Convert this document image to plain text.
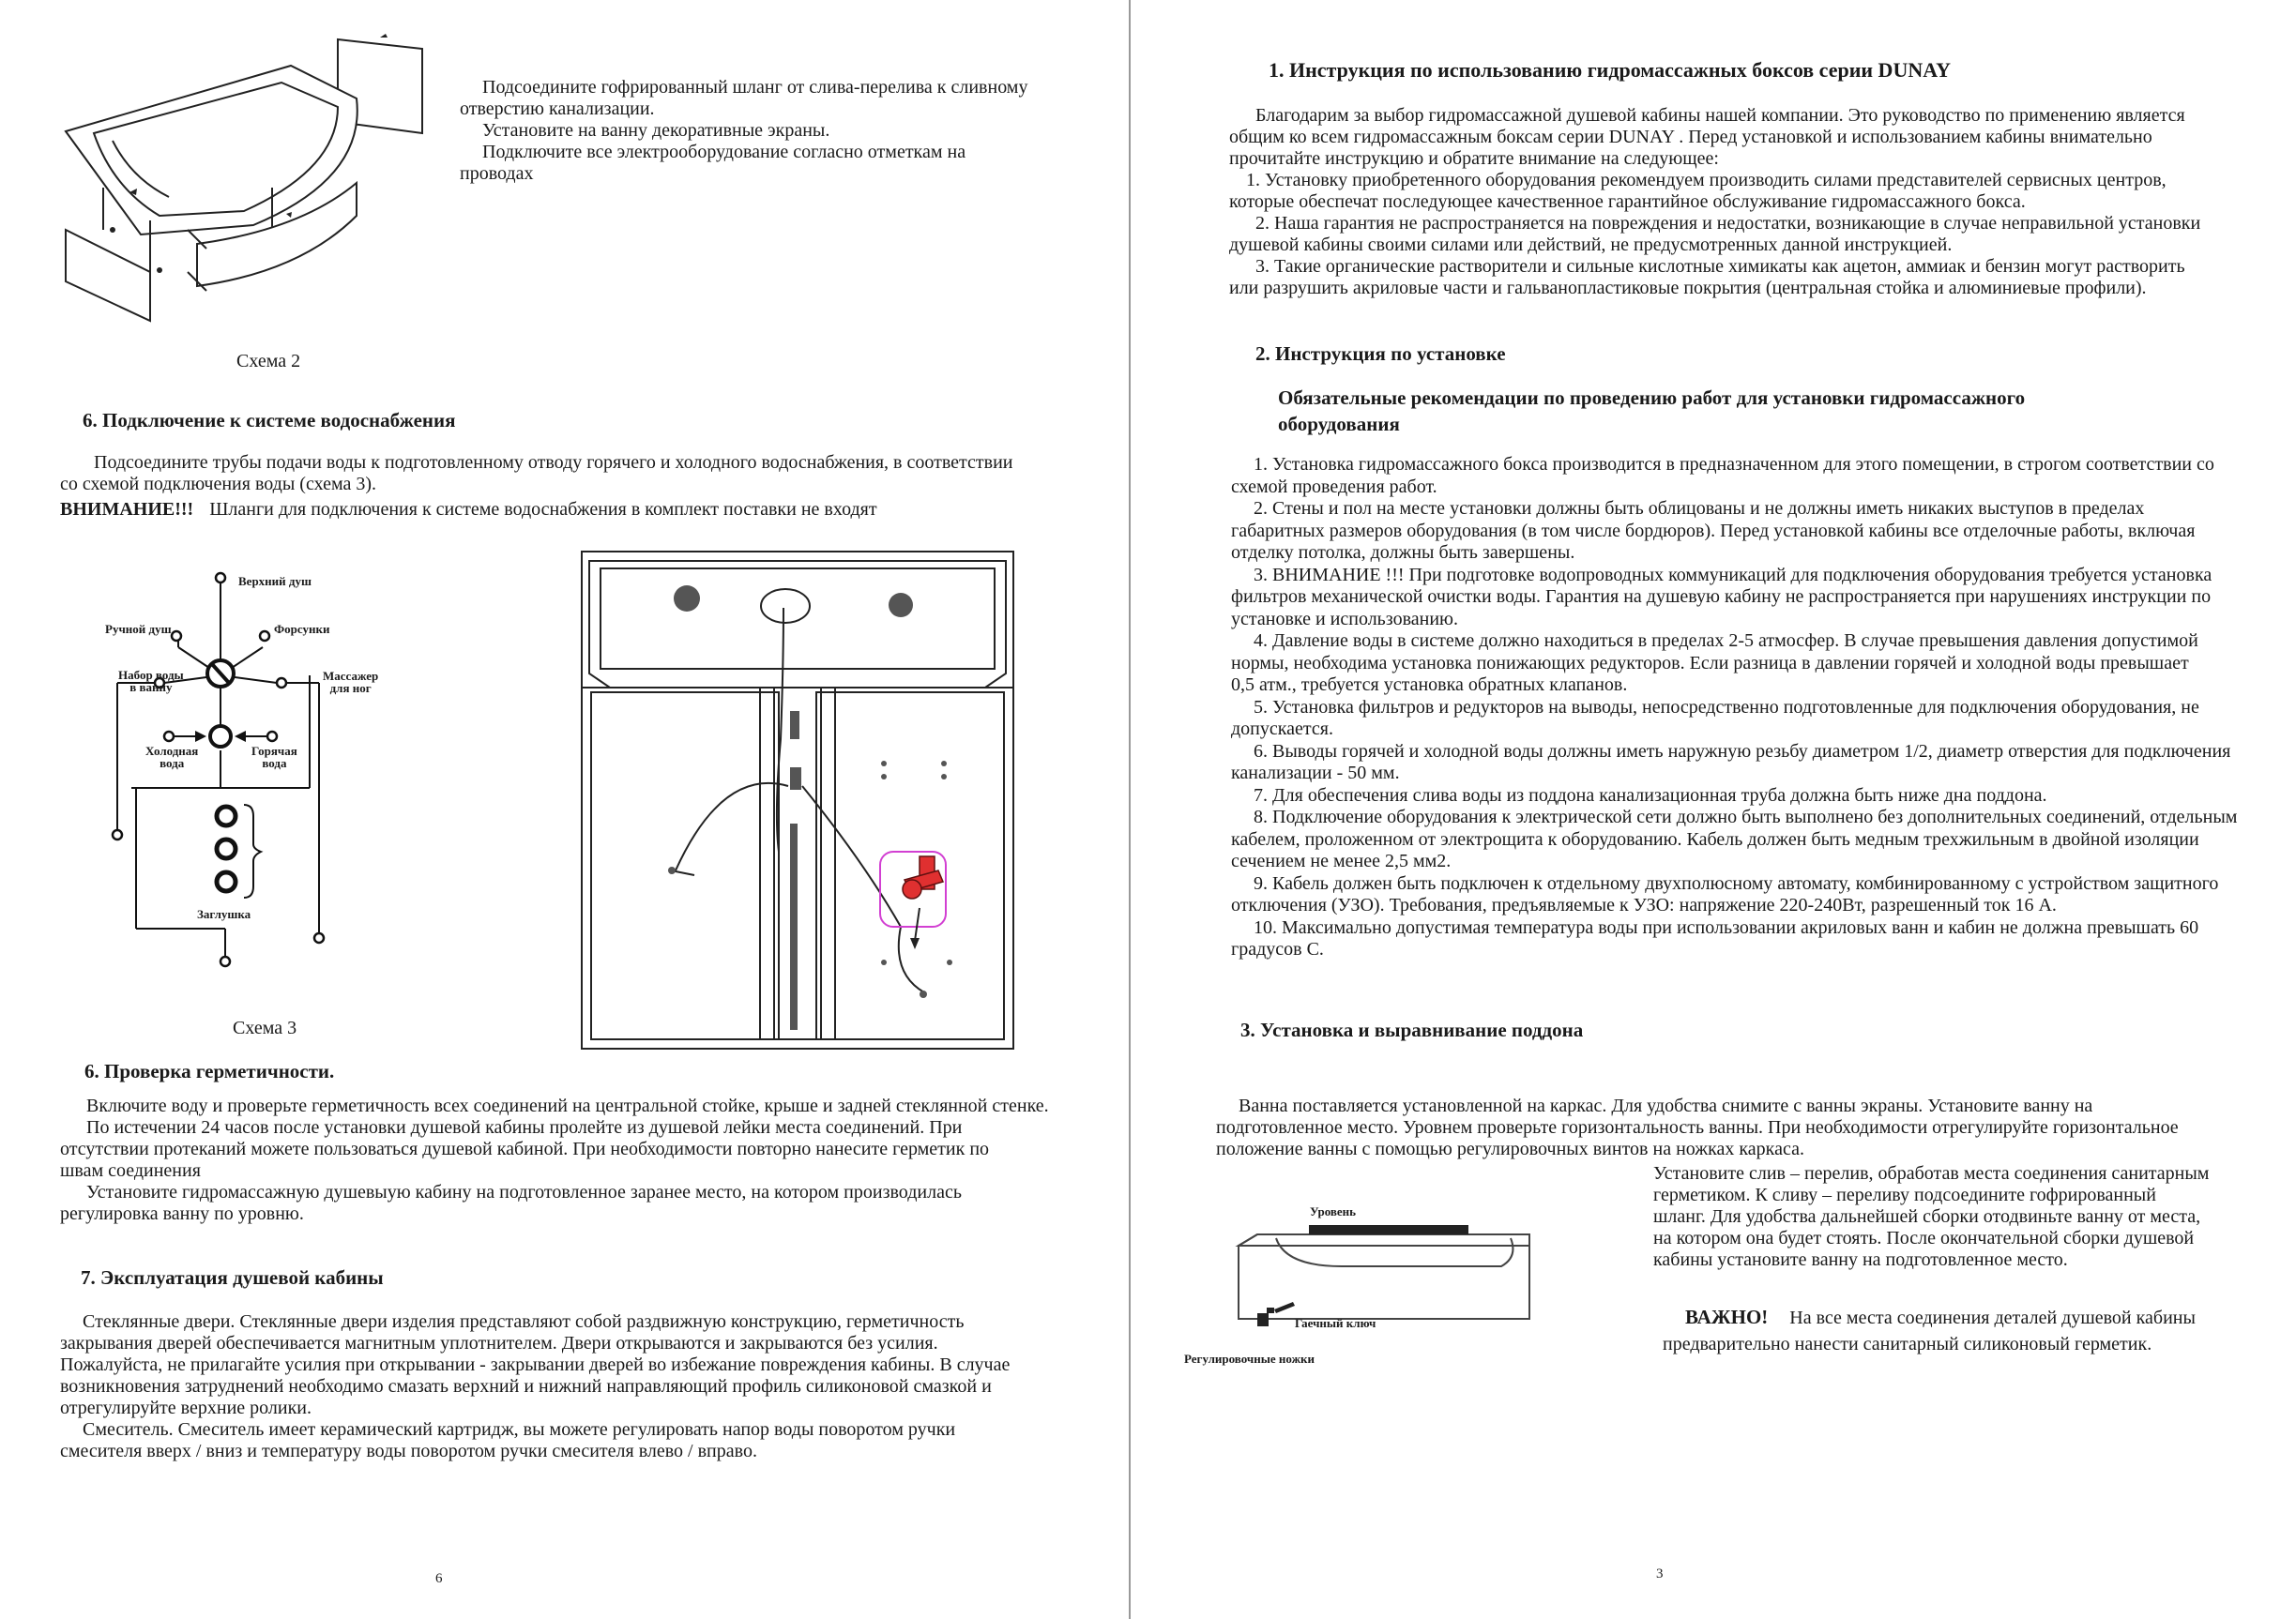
Подсоедините гофрированный шланг от слива-перелива к сливному
отверстию канализации.
Установите на ванну декоративные экраны.
Подключите все электрооборудование согласно отметкам на
проводах
Схема 2
6. Подключение к системе водоснабжения
Подсоедините трубы подачи воды к подготовленному отводу горячего и холодного водоснабжения, в соответствии
со схемой подключения воды (схема 3).
ВНИМАНИЕ!!! Шланги для подключения к системе водоснабжения в комплект поставки не входят
Верхний душ
Ручной душ	Форсунки
Набор воды
в ванну
Массажер
для ног
Холодная
вода
Горячая
вода
Заглушка
Схема 3
6. Проверка герметичности.
Включите воду и проверьте герметичность всех соединений на центральной стойке, крыше и задней стеклянной стенке.
По истечении 24 часов после установки душевой кабины пролейте из душевой лейки места соединений. При
отсутствии протеканий можете пользоваться душевой кабиной. При необходимости повторно нанесите герметик по
швам соединения
Установите гидромассажную душевыую кабину на подготовленное заранее место, на котором производилась
регулировка ванну по уровню.
7. Эксплуатация душевой кабины
Стеклянные двери. Стеклянные двери изделия представляют собой раздвижную конструкцию, герметичность
закрывания дверей обеспечивается магнитным уплотнителем. Двери открываются и закрываются без усилия.
Пожалуйста, не прилагайте усилия при открывании - закрывании дверей во избежание повреждения кабины. В случае
возникновения затруднений необходимо смазать верхний и нижний направляющий профиль силиконовой смазкой и
отрегулируйте верхние ролики.
Смеситель. Смеситель имеет керамический картридж, вы можете регулировать напор воды поворотом ручки
смесителя вверх / вниз и температуру воды поворотом ручки смесителя влево / вправо.
6
1. Инструкция по использованию гидромассажных боксов серии DUNAY
Благодарим за выбор гидромассажной душевой кабины нашей компании. Это руководство по применению является
общим ко всем гидромассажным боксам серии DUNAY . Перед установкой и использованием кабины внимательно
прочитайте инструкцию и обратите внимание на следующее:
1. Установку приобретенного оборудования рекомендуем производить силами представителей сервисных центров,
которые обеспечат последующее качественное гарантийное обслуживание гидромассажного бокса.
2. Наша гарантия не распространяется на повреждения и недостатки, возникающие в случае неправильной установки
душевой кабины своими силами или действий, не предусмотренных данной инструкцией.
3. Такие органические растворители и сильные кислотные химикаты как ацетон, аммиак и бензин могут растворить
или разрушить акриловые части и гальванопластиковые покрытия (центральная стойка и алюминиевые профили).
2. Инструкция по установке
Обязательные рекомендации по проведению работ для установки гидромассажного
оборудования
1. Установка гидромассажного бокса производится в предназначенном для этого помещении, в строгом соответствии со
схемой проведения работ.
2. Стены и пол на месте установки должны быть облицованы и не должны иметь никаких выступов в пределах
габаритных размеров оборудования (в том числе бордюров). Перед установкой кабины все отделочные работы, включая
отделку потолка, должны быть завершены.
3. ВНИМАНИЕ !!! При подготовке водопроводных коммуникаций для подключения оборудования требуется установка
фильтров механической очистки воды. Гарантия на душевую кабину не распространяется при нарушениях инструкции по
установке и использованию.
4. Давление воды в системе должно находиться в пределах 2-5 атмосфер. В случае превышения давления допустимой
нормы, необходима установка понижающих редукторов. Если разница в давлении горячей и холодной воды превышает
0,5 атм., требуется установка обратных клапанов.
5. Установка фильтров и редукторов на выводы, непосредственно подготовленные для подключения оборудования, не
допускается.
6. Выводы горячей и холодной воды должны иметь наружную резьбу диаметром 1/2, диаметр отверстия для подключения
канализации - 50 мм.
7. Для обеспечения слива воды из поддона канализационная труба должна быть ниже дна поддона.
8. Подключение оборудования к электрической сети должно быть выполнено без дополнительных соединений, отдельным
кабелем, проложенном от электрощита к оборудованию. Кабель должен быть медным трехжильным в двойной изоляции
сечением не менее 2,5 мм2.
9. Кабель должен быть подключен к отдельному двухполюсному автомату, комбинированному с устройством защитного
отключения (УЗО). Требования, предъявляемые к УЗО: напряжение 220-240Вт, разрешенный ток 16 А.
10. Максимально допустимая температура воды при использовании акриловых ванн и кабин не должна превышать 60
градусов С.
3. Установка и выравнивание поддона
Ванна поставляется установленной на каркас. Для удобства снимите с ванны экраны. Установите ванну на
подготовленное место. Уровнем проверьте горизонтальность ванны. При необходимости отрегулируйте горизонтальное
положение ванны с помощью регулировочных винтов на ножках каркаса.
Уровень
Гаечный ключ
Регулировочные ножки
Установите слив – перелив, обработав места соединения санитарным
герметиком. К сливу – переливу подсоедините гофрированный
шланг. Для удобства дальнейшей сборки отодвиньте ванну от места,
на котором она будет стоять. После окончательной сборки душевой
кабины установите ванну на подготовленное место.
ВАЖНО! На все места соединения деталей душевой кабины
предварительно нанести санитарный силиконовый герметик.
3
